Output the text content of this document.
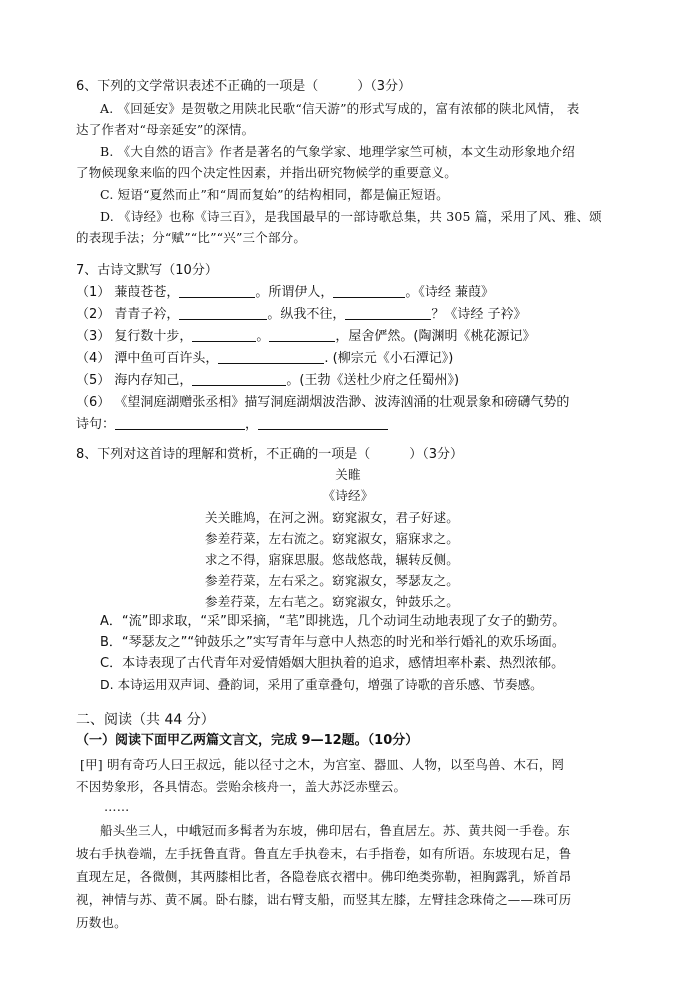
6、下列的文学常识表述不正确的一项是（　　　）（3分）
A. 《回延安》是贺敬之用陕北民歌“信天游”的形式写成的，富有浓郁的陕北风情， 表
达了作者对“母亲延安”的深情。
B. 《大自然的语言》作者是著名的气象学家、地理学家竺可桢，本文生动形象地介绍
了物候现象来临的四个决定性因素，并指出研究物候学的重要意义。
C. 短语“夏然而止”和“周而复始”的结构相同，都是偏正短语。
D. 《诗经》也称《诗三百》，是我国最早的一部诗歌总集，共 305 篇，采用了风、雅、颂
的表现手法；分“赋”“比”“兴”三个部分。
7、古诗文默写（10分）
（1） 蒹葭苍苍，	。所谓伊人，	。《诗经 蒹葭》
（2） 青青子衿，	。纵我不往，	？《诗经 子衿》
（3） 复行数十步，	。	，屋舍俨然。(陶渊明《桃花源记》
（4） 潭中鱼可百许头，	. (柳宗元《小石潭记》)
（5） 海内存知己，	。(王勃《送杜少府之任蜀州》)
（6） 《望洞庭湖赠张丞相》描写洞庭湖烟波浩渺、波涛汹涌的壮观景象和磅礴气势的
诗句：	，
8、下列对这首诗的理解和赏析，不正确的一项是（　　　）（3分）
关睢
《诗经》
关关睢鸠，在河之洲。窈窕淑女，君子好逑。
参差荇菜，左右流之。窈窕淑女，寤寐求之。
求之不得，寤寐思服。悠哉悠哉，辗转反侧。
参差荇菜，左右采之。窈窕淑女，琴瑟友之。
参差荇菜，左右芼之。窈窕淑女，钟鼓乐之。
A．“流”即求取，“采”即采摘，“芼”即挑选，几个动词生动地表现了女子的勤劳。
B．“琴瑟友之”“钟鼓乐之”实写青年与意中人热恋的时光和举行婚礼的欢乐场面。
C．本诗表现了古代青年对爱情婚姻大胆执着的追求，感情坦率朴素、热烈浓郁。
D. 本诗运用双声词、叠韵词，采用了重章叠句，增强了诗歌的音乐感、节奏感。
二、阅读（共 44 分）
（一）阅读下面甲乙两篇文言文，完成 9—12题。（10分）
[甲] 明有奇巧人曰王叔远，能以径寸之木，为宫室、器皿、人物，以至鸟兽、木石，罔
不因势象形，各具情态。尝贻余核舟一，盖大苏泛赤壁云。
……
船头坐三人，中峨冠而多髯者为东坡，佛印居右，鲁直居左。苏、黄共阅一手卷。东
坡右手执卷端，左手抚鲁直背。鲁直左手执卷末，右手指卷，如有所语。东坡现右足，鲁
直现左足，各微侧，其两膝相比者，各隐卷底衣褶中。佛印绝类弥勒，袒胸露乳，矫首昂
视，神情与苏、黄不属。卧右膝，诎右臂支船，而竖其左膝，左臂挂念珠倚之——珠可历
历数也。
